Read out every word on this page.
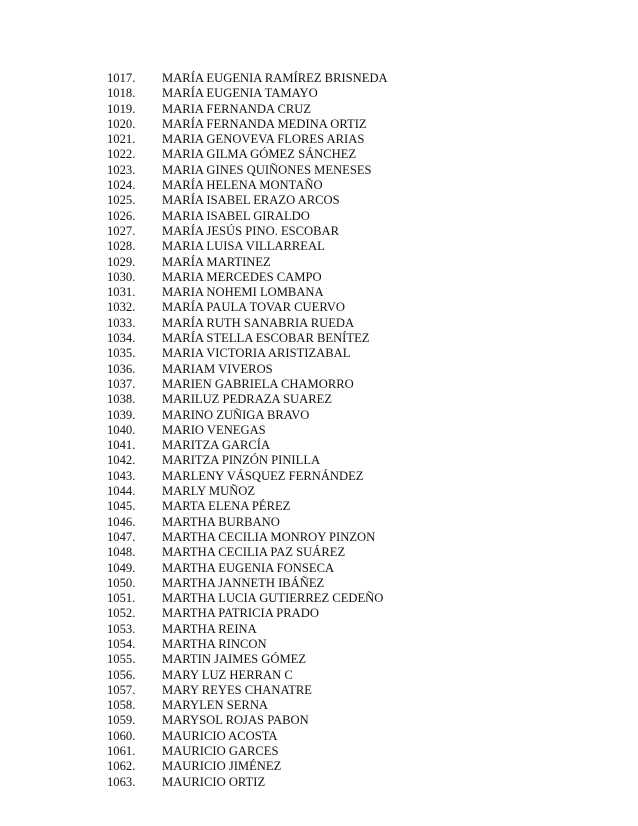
1017. MARÍA EUGENIA RAMÍREZ BRISNEDA
1018. MARÍA EUGENIA TAMAYO
1019. MARIA FERNANDA CRUZ
1020. MARÍA FERNANDA MEDINA ORTIZ
1021. MARIA GENOVEVA FLORES ARIAS
1022. MARIA GILMA GÓMEZ SÁNCHEZ
1023. MARIA GINES QUIÑONES MENESES
1024. MARÍA HELENA MONTAÑO
1025. MARÍA ISABEL ERAZO ARCOS
1026. MARIA ISABEL GIRALDO
1027. MARÍA JESÚS PINO. ESCOBAR
1028. MARIA LUISA VILLARREAL
1029. MARÍA MARTINEZ
1030. MARIA MERCEDES CAMPO
1031. MARIA NOHEMI LOMBANA
1032. MARÍA PAULA TOVAR CUERVO
1033. MARÍA RUTH SANABRIA RUEDA
1034. MARÍA STELLA ESCOBAR BENÍTEZ
1035. MARIA VICTORIA ARISTIZABAL
1036. MARIAM VIVEROS
1037. MARIEN GABRIELA CHAMORRO
1038. MARILUZ PEDRAZA SUAREZ
1039. MARINO ZUÑIGA BRAVO
1040. MARIO VENEGAS
1041. MARITZA GARCÍA
1042. MARITZA PINZÓN PINILLA
1043. MARLENY VÁSQUEZ FERNÁNDEZ
1044. MARLY MUÑOZ
1045. MARTA ELENA PÉREZ
1046. MARTHA BURBANO
1047. MARTHA CECILIA MONROY PINZON
1048. MARTHA CECILIA PAZ SUÁREZ
1049. MARTHA EUGENIA FONSECA
1050. MARTHA JANNETH IBÁÑEZ
1051. MARTHA LUCIA GUTIERREZ CEDEÑO
1052. MARTHA PATRICIA PRADO
1053. MARTHA REINA
1054. MARTHA RINCON
1055. MARTIN JAIMES GÓMEZ
1056. MARY LUZ HERRAN C
1057. MARY REYES CHANATRE
1058. MARYLEN SERNA
1059. MARYSOL ROJAS PABON
1060. MAURICIO ACOSTA
1061. MAURICIO GARCES
1062. MAURICIO JIMÉNEZ
1063. MAURICIO ORTIZ
